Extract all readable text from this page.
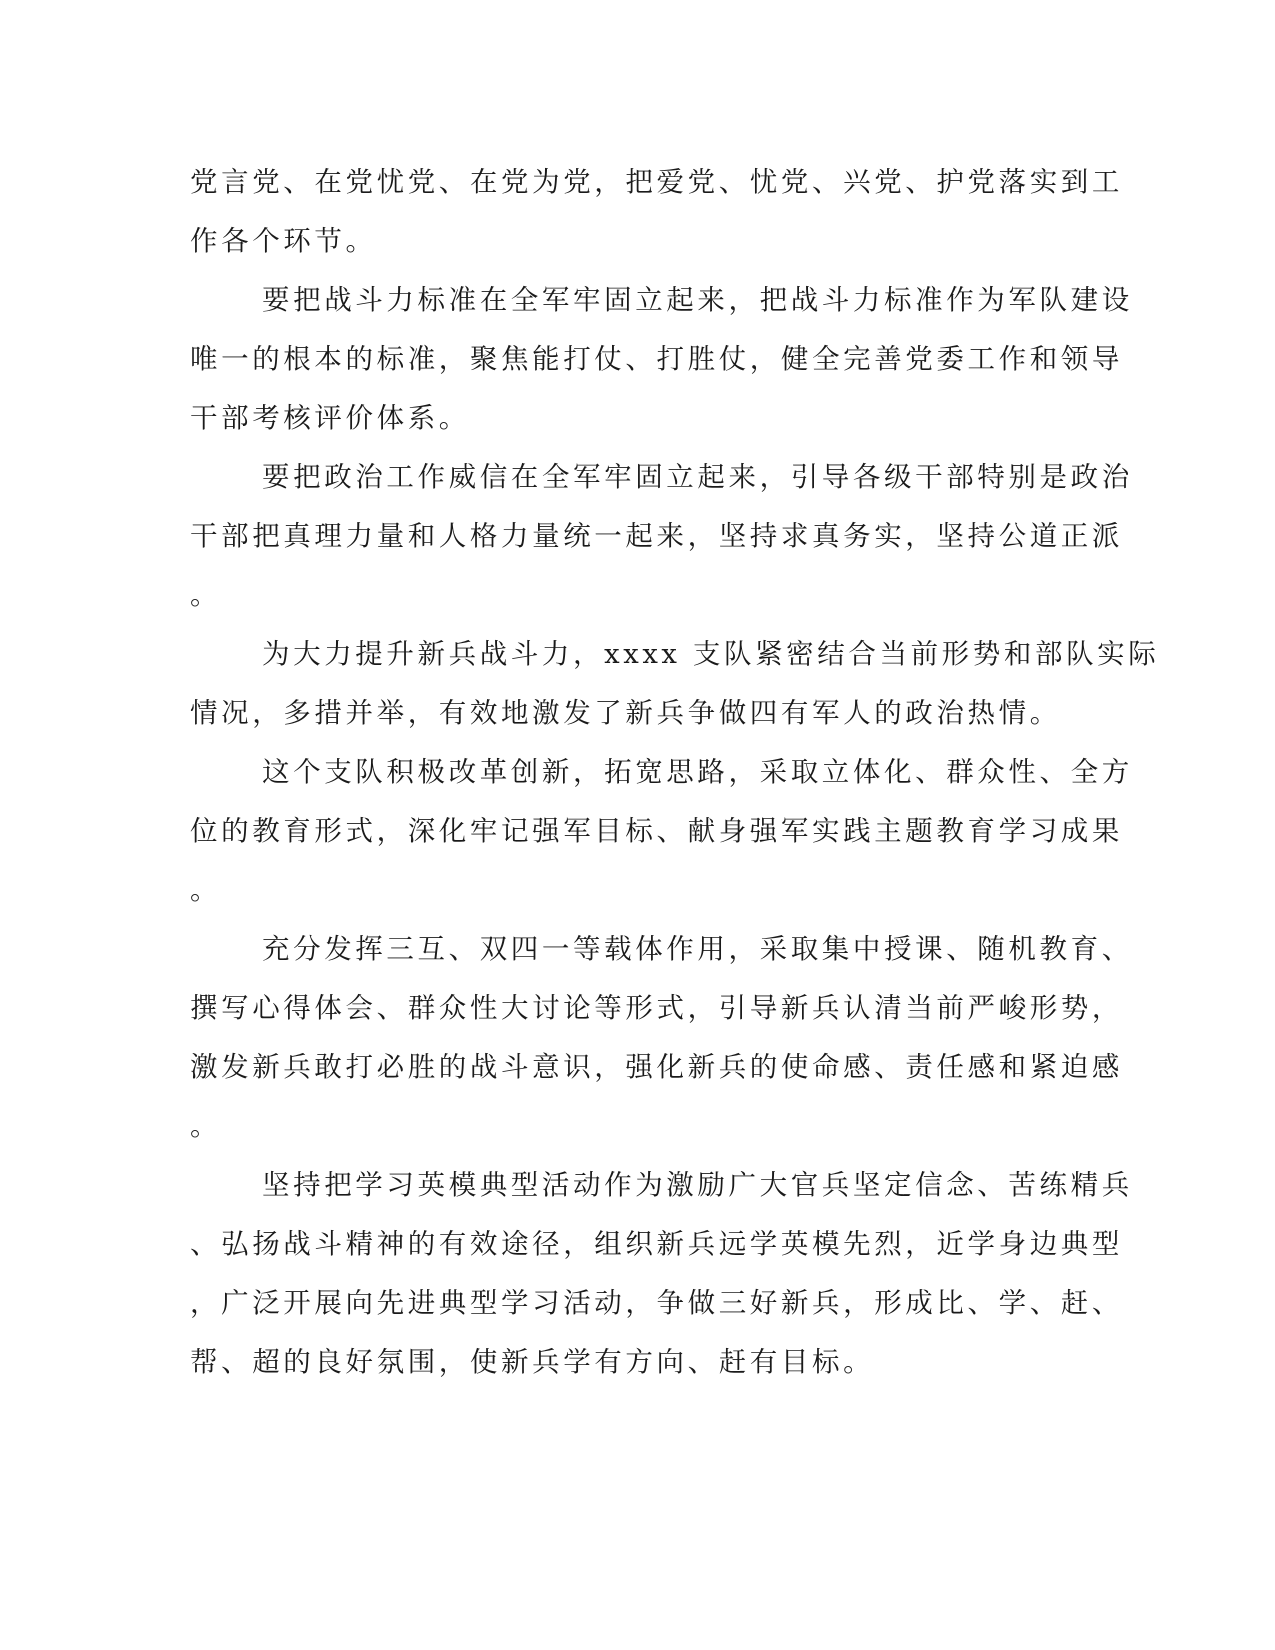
党言党、在党忧党、在党为党，把爱党、忧党、兴党、护党落实到工
作各个环节。
要把战斗力标准在全军牢固立起来，把战斗力标准作为军队建设
唯一的根本的标准，聚焦能打仗、打胜仗，健全完善党委工作和领导
干部考核评价体系。
要把政治工作威信在全军牢固立起来，引导各级干部特别是政治
干部把真理力量和人格力量统一起来，坚持求真务实，坚持公道正派
。
为大力提升新兵战斗力，xxxx 支队紧密结合当前形势和部队实际
情况，多措并举，有效地激发了新兵争做四有军人的政治热情。
这个支队积极改革创新，拓宽思路，采取立体化、群众性、全方
位的教育形式，深化牢记强军目标、献身强军实践主题教育学习成果
。
充分发挥三互、双四一等载体作用，采取集中授课、随机教育、
撰写心得体会、群众性大讨论等形式，引导新兵认清当前严峻形势，
激发新兵敢打必胜的战斗意识，强化新兵的使命感、责任感和紧迫感
。
坚持把学习英模典型活动作为激励广大官兵坚定信念、苦练精兵
、弘扬战斗精神的有效途径，组织新兵远学英模先烈，近学身边典型
，广泛开展向先进典型学习活动，争做三好新兵，形成比、学、赶、
帮、超的良好氛围，使新兵学有方向、赶有目标。
